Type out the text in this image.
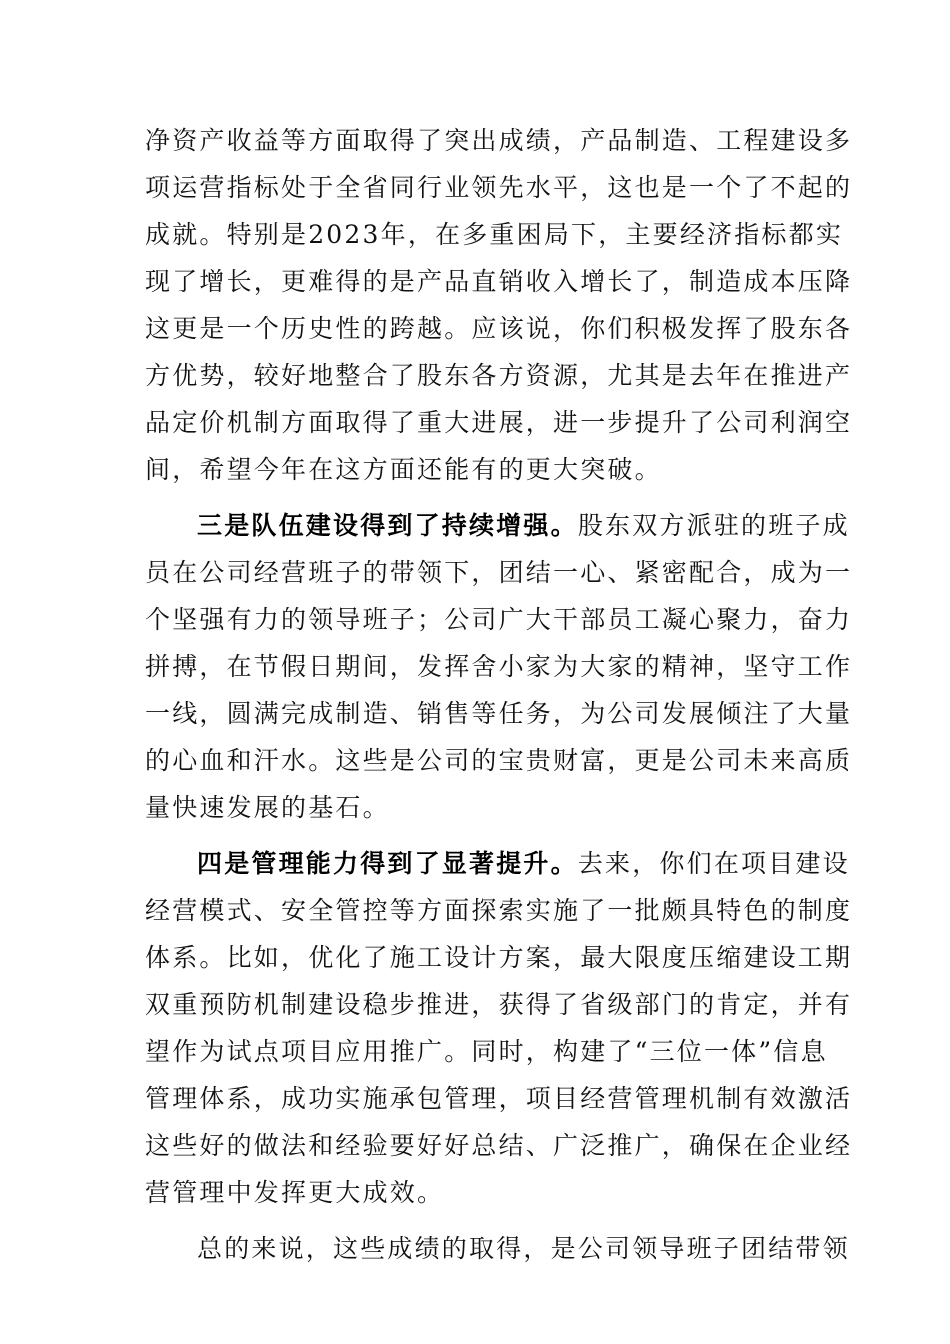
净资产收益等方面取得了突出成绩，产品制造、工程建设多
项运营指标处于全省同行业领先水平，这也是一个了不起的
成就。特别是2023年，在多重困局下，主要经济指标都实
现了增长，更难得的是产品直销收入增长了，制造成本压降
这更是一个历史性的跨越。应该说，你们积极发挥了股东各
方优势，较好地整合了股东各方资源，尤其是去年在推进产
品定价机制方面取得了重大进展，进一步提升了公司利润空
间，希望今年在这方面还能有的更大突破。
三是队伍建设得到了持续增强。股东双方派驻的班子成
员在公司经营班子的带领下，团结一心、紧密配合，成为一
个坚强有力的领导班子；公司广大干部员工凝心聚力，奋力
拼搏，在节假日期间，发挥舍小家为大家的精神，坚守工作
一线，圆满完成制造、销售等任务，为公司发展倾注了大量
的心血和汗水。这些是公司的宝贵财富，更是公司未来高质
量快速发展的基石。
四是管理能力得到了显著提升。去来，你们在项目建设
经营模式、安全管控等方面探索实施了一批颇具特色的制度
体系。比如，优化了施工设计方案，最大限度压缩建设工期
双重预防机制建设稳步推进，获得了省级部门的肯定，并有
望作为试点项目应用推广。同时，构建了“三位一体”信息
管理体系，成功实施承包管理，项目经营管理机制有效激活
这些好的做法和经验要好好总结、广泛推广，确保在企业经
营管理中发挥更大成效。
总的来说，这些成绩的取得，是公司领导班子团结带领
